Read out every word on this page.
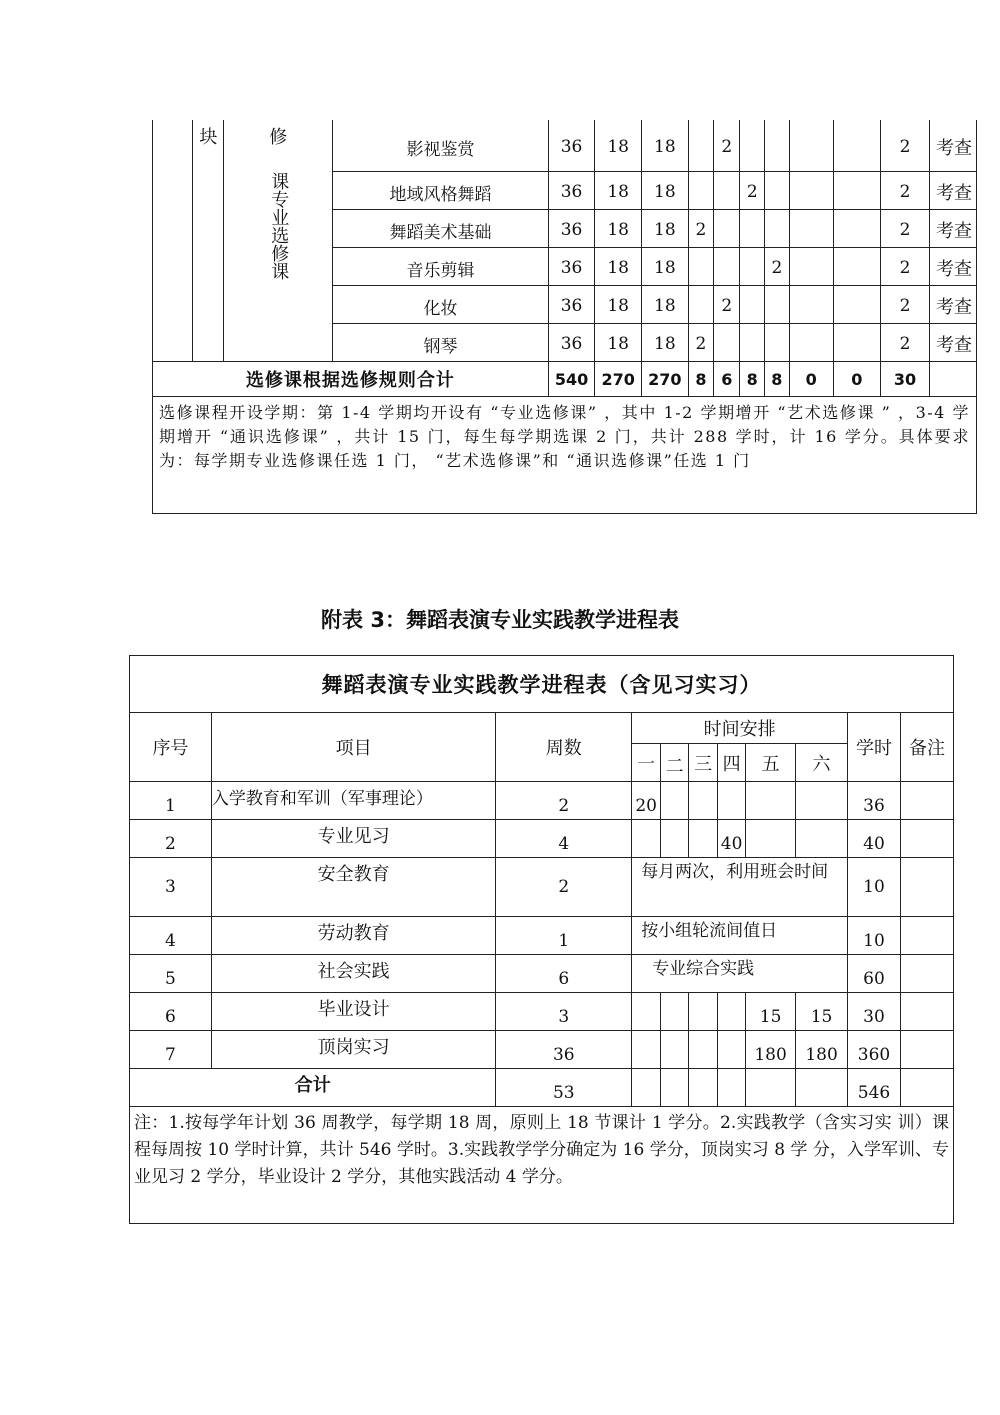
	块	修	影视鉴赏	36	18	18		2					2	考查

		课专业选修课	地域风格舞蹈	36	18	18			2				2	考查
			舞蹈美术基础	36	18	18	2						2	考查
			音乐剪辑	36	18	18				2			2	考查
			化妆	36	18	18		2					2	考查
			钢琴	36	18	18	2						2	考查
选修课根据选修规则合计				540	270	270	8	6	8	8	0	0	30	
选修课程开设学期：第 1-4 学期均开设有 “专业选修课” ，其中 1-2 学期增开 “艺术选修课 ” ，3-4 学期增开 “通识选修课” ，共计 15 门，每生每学期选课 2 门，共计 288 学时，计 16 学分。具体要求为：每学期专业选修课任选 1 门， “艺术选修课”和 “通识选修课”任选 1 门														
附表 3：舞蹈表演专业实践教学进程表
舞蹈表演专业实践教学进程表（含见习实习）										
序号	项目	周数	时间安排						学时	备注
			一	二	三	四	五	六		
1	入学教育和军训（军事理论）	2	20						36	
2	专业见习	4				40			40	
3	安全教育	2	每月两次，利用班会时间						10	
4	劳动教育	1	按小组轮流间值日						10	
5	社会实践	6	专业综合实践						60	
6	毕业设计	3					15	15	30	
7	顶岗实习	36					180	180	360	
合计		53							546	
注：1.按每学年计划 36 周教学，每学期 18 周，原则上 18 节课计 1 学分。2.实践教学（含实习实 训）课程每周按 10 学时计算，共计 546 学时。3.实践教学学分确定为 16 学分，顶岗实习 8 学 分，入学军训、专业见习 2 学分，毕业设计 2 学分，其他实践活动 4 学分。										
